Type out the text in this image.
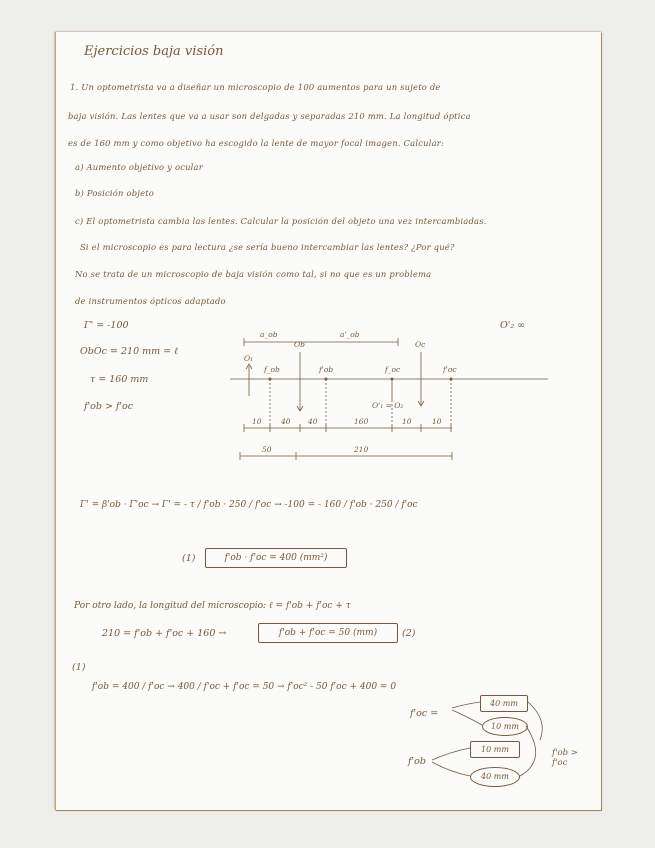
Ejercicios baja visión
1. Un optometrista va a diseñar un microscopio de 100 aumentos para un sujeto de
baja visión. Las lentes que va a usar son delgadas y separadas 210 mm. La longitud óptica
es de 160 mm y como objetivo ha escogido la lente de mayor focal imagen. Calcular:
a) Aumento objetivo y ocular
b) Posición objeto
c) El optometrista cambia las lentes. Calcular la posición del objeto una vez intercambiadas.
Si el microscopio es para lectura ¿se sería bueno intercambiar las lentes? ¿Por qué?
No se trata de un microscopio de baja visión como tal, si no que es un problema
de instrumentos ópticos adaptado
Γ' = -100
ObOc = 210 mm = ℓ
τ = 160 mm
f'ob > f'oc
O'₂ ∞
a_ob	a'_ob
O₁
Ob
f_ob	f'ob	f_oc
Oc
f'oc
O'₁ = O₂
10	40 40	160	10	10
50	210
Γ' = β'ob · Γ'oc → Γ' = - τ / f'ob · 250 / f'oc → -100 = - 160 / f'ob · 250 / f'oc
(1)	f'ob · f'oc = 400 (mm²)
Por otro lado, la longitud del microscopio: ℓ = f'ob + f'oc + τ
210 = f'ob + f'oc + 160 →	f'ob + f'oc = 50 (mm)	(2)
(1)
f'ob = 400 / f'oc → 400 / f'oc + f'oc = 50 → f'oc² - 50 f'oc + 400 = 0
f'oc =
40 mm
10 mm
f'ob
10 mm
40 mm
f'ob > f'oc
